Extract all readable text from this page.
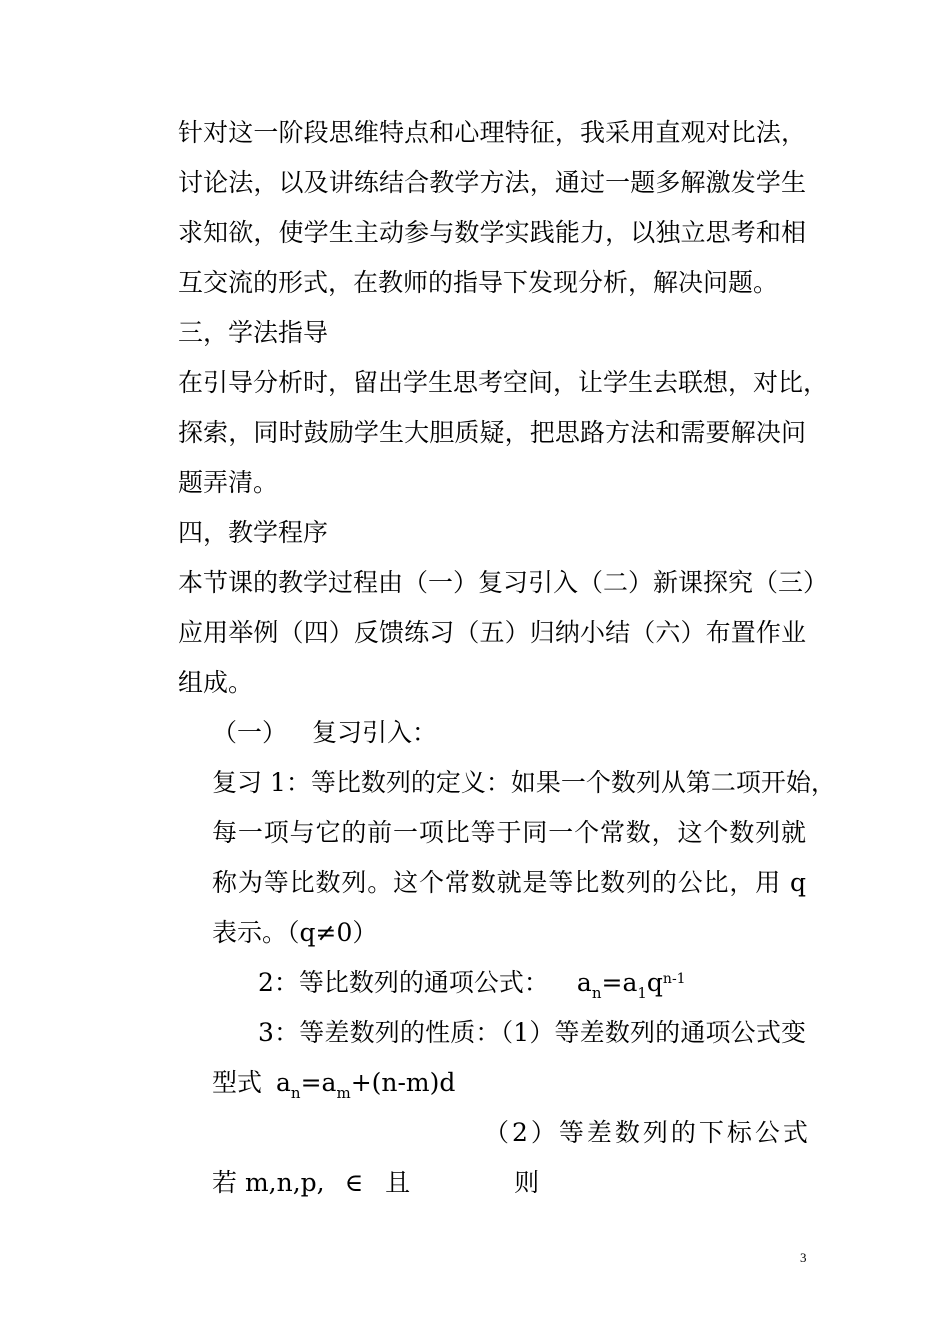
针对这一阶段思维特点和心理特征，我采用直观对比法，
讨论法，以及讲练结合教学方法，通过一题多解激发学生
求知欲，使学生主动参与数学实践能力，以独立思考和相
互交流的形式，在教师的指导下发现分析，解决问题。
三，学法指导
在引导分析时，留出学生思考空间，让学生去联想，对比，
探索，同时鼓励学生大胆质疑，把思路方法和需要解决问
题弄清。
四，教学程序
本节课的教学过程由（一）复习引入（二）新课探究（三）
应用举例（四）反馈练习（五）归纳小结（六）布置作业
组成。
（一） 复习引入：
复习 1：等比数列的定义：如果一个数列从第二项开始，
每一项与它的前一项比等于同一个常数，这个数列就
称为等比数列。这个常数就是等比数列的公比，用 q
表示。（q≠0）
2：等比数列的通项公式： $a_n=a_1q^{n-1}$
3：等差数列的性质：（1）等差数列的通项公式变
型式 $a_n=a_m+(n-m)d$
（2）等差数列的下标公式
若 m,n,p, ∈ 且	则
3
